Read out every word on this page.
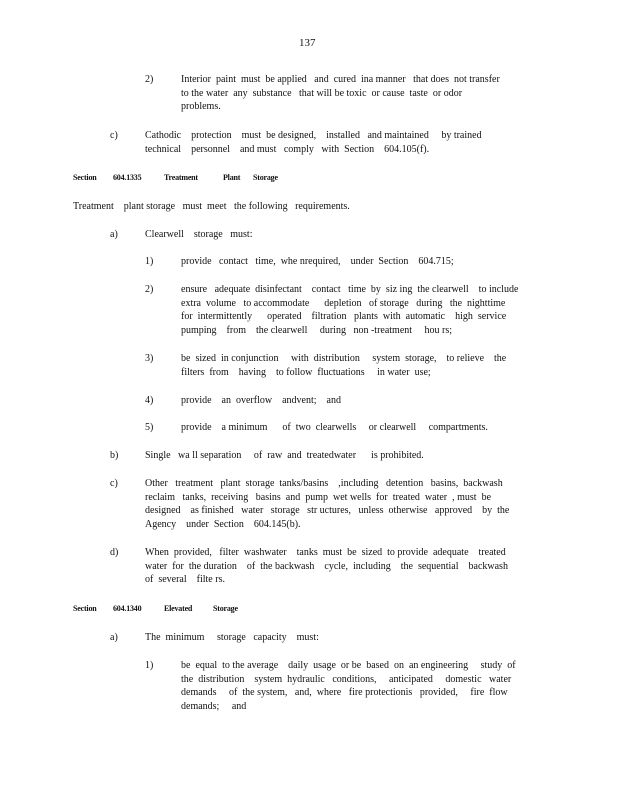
137
2)	Interior  paint  must  be applied   and  cured  ina manner   that does  not transfer
to the water  any  substance   that will be toxic  or cause  taste  or odor
problems.
c)	Cathodic    protection    must  be designed,    installed   and maintained     by trained
technical    personnel    and must   comply   with  Section    604.105(f).
Section 604.1335	Treatment	Plant Storage
Treatment    plant storage   must  meet   the following   requirements.
a)	Clearwell    storage   must:
1)	provide   contact   time,  whe nrequired,    under  Section    604.715;
2)	ensure   adequate  disinfectant    contact   time  by  siz ing  the clearwell    to include
extra  volume   to accommodate      depletion   of storage   during   the  nighttime
for  intermittently      operated    filtration   plants  with  automatic    high  service
pumping    from    the clearwell     during   non -treatment     hou rs;
3)	be  sized  in conjunction     with  distribution     system  storage,    to relieve    the
filters  from    having    to follow  fluctuations     in water  use;
4)	provide    an  overflow    andvent;    and
5)	provide    a minimum      of  two  clearwells     or clearwell     compartments.
b)	Single   wa ll separation     of  raw  and  treatedwater      is prohibited.
c)	Other   treatment   plant  storage  tanks/basins    ,including   detention   basins,  backwash
reclaim   tanks,  receiving   basins  and  pump  wet wells  for  treated  water  , must  be
designed    as finished   water   storage   str uctures,   unless  otherwise   approved    by  the
Agency    under  Section    604.145(b).
d)	When  provided,   filter  washwater    tanks  must  be  sized  to provide  adequate    treated
water  for  the duration    of  the backwash    cycle,  including    the  sequential    backwash
of  several    filte rs.
Section 604.1340	Elevated	Storage
a)	The  minimum     storage   capacity    must:
1)	be  equal  to the average    daily  usage  or be  based  on  an engineering     study  of
the  distribution    system  hydraulic   conditions,     anticipated     domestic   water
demands     of  the system,   and,  where   fire protectionis   provided,     fire  flow
demands;     and
